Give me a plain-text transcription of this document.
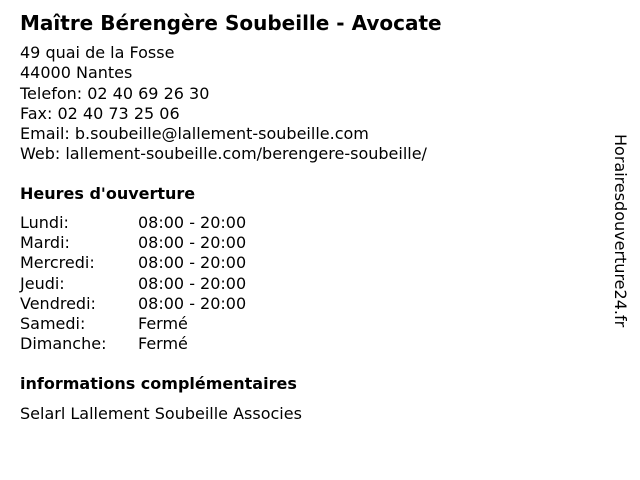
Maître Bérengère Soubeille - Avocate
49 quai de la Fosse
44000 Nantes
Telefon: 02 40 69 26 30
Fax: 02 40 73 25 06
Email: b.soubeille@lallement-soubeille.com
Web: lallement-soubeille.com/berengere-soubeille/
Heures d'ouverture
Lundi:	08:00 - 20:00
Mardi:	08:00 - 20:00
Mercredi:	08:00 - 20:00
Jeudi:	08:00 - 20:00
Vendredi:	08:00 - 20:00
Samedi:	Fermé
Dimanche:	Fermé
informations complémentaires
Selarl Lallement Soubeille Associes
Horairesdouverture24.fr
